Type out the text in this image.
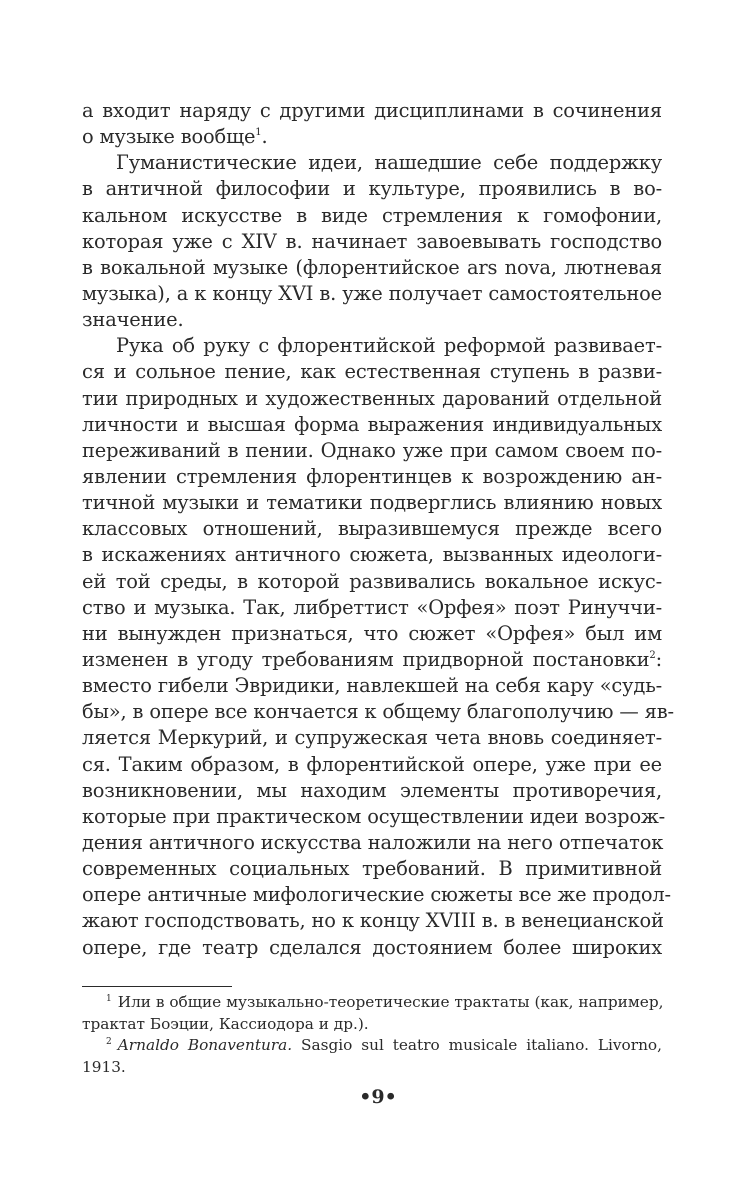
а входит наряду с другими дисциплинами в сочинения
о музыке вообще$^1$.
Гуманистические идеи, нашедшие себе поддержку
в античной философии и культуре, проявились в во-
кальном искусстве в виде стремления к гомофонии,
которая уже с XIV в. начинает завоевывать господство
в вокальной музыке (флорентийское ars nova, лютневая
музыка), а к концу XVI в. уже получает самостоятельное
значение.
Рука об руку с флорентийской реформой развивает-
ся и сольное пение, как естественная ступень в разви-
тии природных и художественных дарований отдельной
личности и высшая форма выражения индивидуальных
переживаний в пении. Однако уже при самом своем по-
явлении стремления флорентинцев к возрождению ан-
тичной музыки и тематики подверглись влиянию новых
классовых отношений, выразившемуся прежде всего
в искажениях античного сюжета, вызванных идеологи-
ей той среды, в которой развивались вокальное искус-
ство и музыка. Так, либреттист «Орфея» поэт Ринуччи-
ни вынужден признаться, что сюжет «Орфея» был им
изменен в угоду требованиям придворной постановки$^2$:
вместо гибели Эвридики, навлекшей на себя кару «судь-
бы», в опере все кончается к общему благополучию — яв-
ляется Меркурий, и супружеская чета вновь соединяет-
ся. Таким образом, в флорентийской опере, уже при ее
возникновении, мы находим элементы противоречия,
которые при практическом осуществлении идеи возрож-
дения античного искусства наложили на него отпечаток
современных социальных требований. В примитивной
опере античные мифологические сюжеты все же продол-
жают господствовать, но к концу XVIII в. в венецианской
опере, где театр сделался достоянием более широких
$^1$ Или в общие музыкально-теоретические трактаты (как, например,
трактат Боэции, Кассиодора и др.).
$^2$ Arnaldo Bonaventura. Sasgio sul teatro musicale italiano. Livorno,
1913.
•9•
